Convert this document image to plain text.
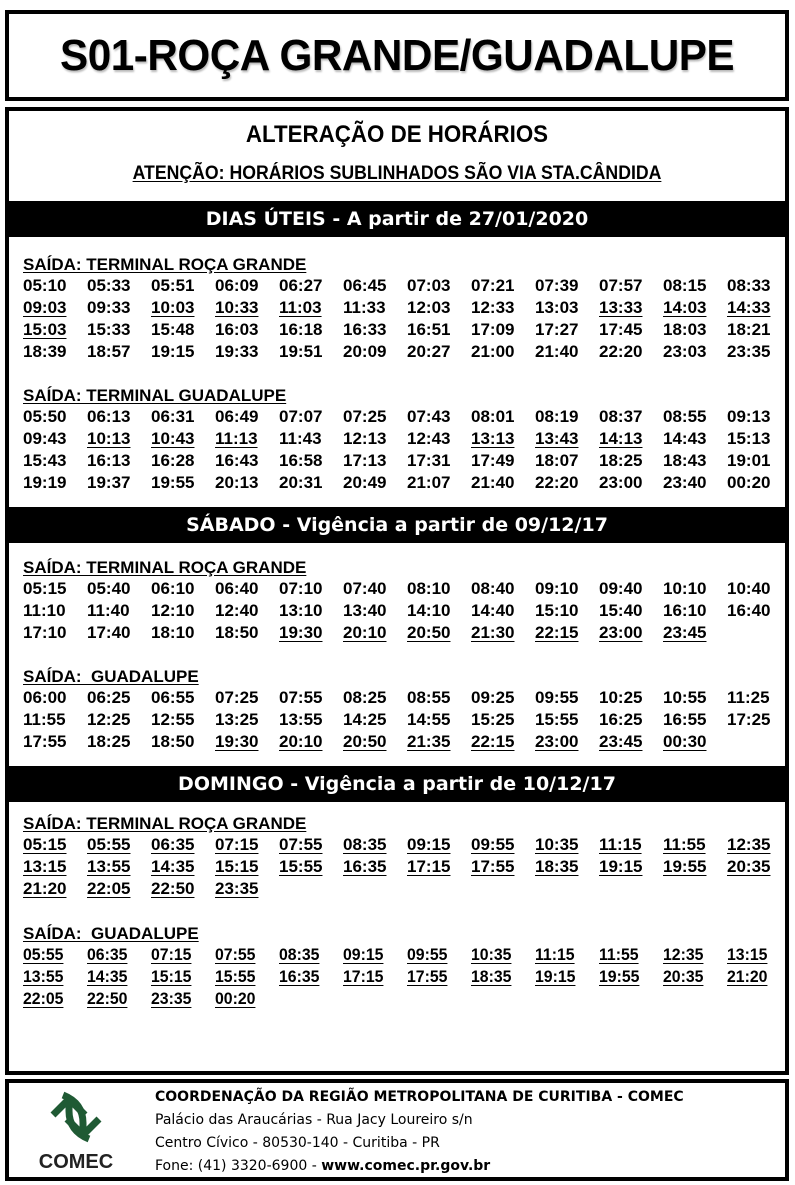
S01-ROÇA GRANDE/GUADALUPE
ALTERAÇÃO DE HORÁRIOS
ATENÇÃO: HORÁRIOS SUBLINHADOS SÃO VIA STA.CÂNDIDA
DIAS ÚTEIS - A partir de 27/01/2020
SAÍDA: TERMINAL ROÇA GRANDE
05:10	05:33	05:51	06:09	06:27	06:45	07:03	07:21	07:39	07:57	08:15	08:33
09:03	09:33	10:03	10:33	11:03	11:33	12:03	12:33	13:03	13:33	14:03	14:33
15:03	15:33	15:48	16:03	16:18	16:33	16:51	17:09	17:27	17:45	18:03	18:21
18:39	18:57	19:15	19:33	19:51	20:09	20:27	21:00	21:40	22:20	23:03	23:35
SAÍDA: TERMINAL GUADALUPE
05:50	06:13	06:31	06:49	07:07	07:25	07:43	08:01	08:19	08:37	08:55	09:13
09:43	10:13	10:43	11:13	11:43	12:13	12:43	13:13	13:43	14:13	14:43	15:13
15:43	16:13	16:28	16:43	16:58	17:13	17:31	17:49	18:07	18:25	18:43	19:01
19:19	19:37	19:55	20:13	20:31	20:49	21:07	21:40	22:20	23:00	23:40	00:20
SÁBADO - Vigência a partir de 09/12/17
SAÍDA: TERMINAL ROÇA GRANDE
05:15	05:40	06:10	06:40	07:10	07:40	08:10	08:40	09:10	09:40	10:10	10:40
11:10	11:40	12:10	12:40	13:10	13:40	14:10	14:40	15:10	15:40	16:10	16:40
17:10	17:40	18:10	18:50	19:30	20:10	20:50	21:30	22:15	23:00	23:45
SAÍDA:  GUADALUPE
06:00	06:25	06:55	07:25	07:55	08:25	08:55	09:25	09:55	10:25	10:55	11:25
11:55	12:25	12:55	13:25	13:55	14:25	14:55	15:25	15:55	16:25	16:55	17:25
17:55	18:25	18:50	19:30	20:10	20:50	21:35	22:15	23:00	23:45	00:30
DOMINGO - Vigência a partir de 10/12/17
SAÍDA: TERMINAL ROÇA GRANDE
05:15	05:55	06:35	07:15	07:55	08:35	09:15	09:55	10:35	11:15	11:55	12:35
13:15	13:55	14:35	15:15	15:55	16:35	17:15	17:55	18:35	19:15	19:55	20:35
21:20	22:05	22:50	23:35
SAÍDA:  GUADALUPE
05:55	06:35	07:15	07:55	08:35	09:15	09:55	10:35	11:15	11:55	12:35	13:15
13:55	14:35	15:15	15:55	16:35	17:15	17:55	18:35	19:15	19:55	20:35	21:20
22:05	22:50	23:35	00:20
COMEC
COORDENAÇÃO DA REGIÃO METROPOLITANA DE CURITIBA - COMEC
Palácio das Araucárias - Rua Jacy Loureiro s/n
Centro Cívico - 80530-140 - Curitiba - PR
Fone: (41) 3320-6900 - www.comec.pr.gov.br
